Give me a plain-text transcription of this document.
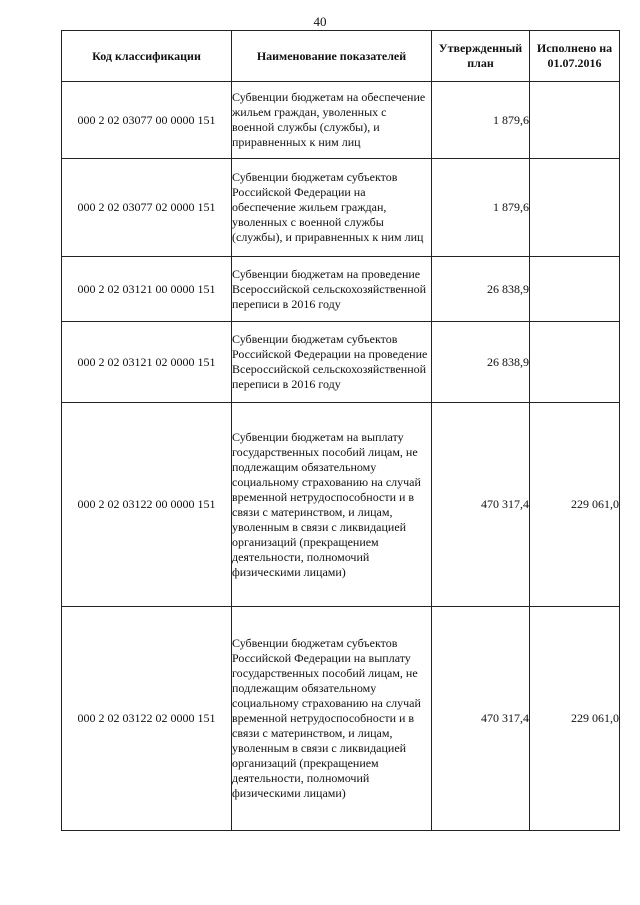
40
Код классификации	Наименование показателей	Утвержденный план	Исполнено на 01.07.2016
000 2 02 03077 00 0000 151	Субвенции бюджетам на обеспечение жильем граждан, уволенных с военной службы (службы), и приравненных к ним лиц	1 879,6	
000 2 02 03077 02 0000 151	Субвенции бюджетам субъектов Российской Федерации на обеспечение жильем граждан, уволенных с военной службы (службы), и приравненных к ним лиц	1 879,6	
000 2 02 03121 00 0000 151	Субвенции бюджетам на проведение Всероссийской сельскохозяйственной переписи в 2016 году	26 838,9	
000 2 02 03121 02 0000 151	Субвенции бюджетам субъектов Российской Федерации на проведение Всероссийской сельскохозяйственной переписи в 2016 году	26 838,9	
000 2 02 03122 00 0000 151	Субвенции бюджетам на выплату государственных пособий лицам, не подлежащим обязательному социальному страхованию на случай временной нетрудоспособности и в связи с материнством, и лицам, уволенным в связи с ликвидацией организаций (прекращением деятельности, полномочий физическими лицами)	470 317,4	229 061,0
000 2 02 03122 02 0000 151	Субвенции бюджетам субъектов Российской Федерации на выплату государственных пособий лицам, не подлежащим обязательному социальному страхованию на случай временной нетрудоспособности и в связи с материнством, и лицам, уволенным в связи с ликвидацией организаций (прекращением деятельности, полномочий физическими лицами)	470 317,4	229 061,0
